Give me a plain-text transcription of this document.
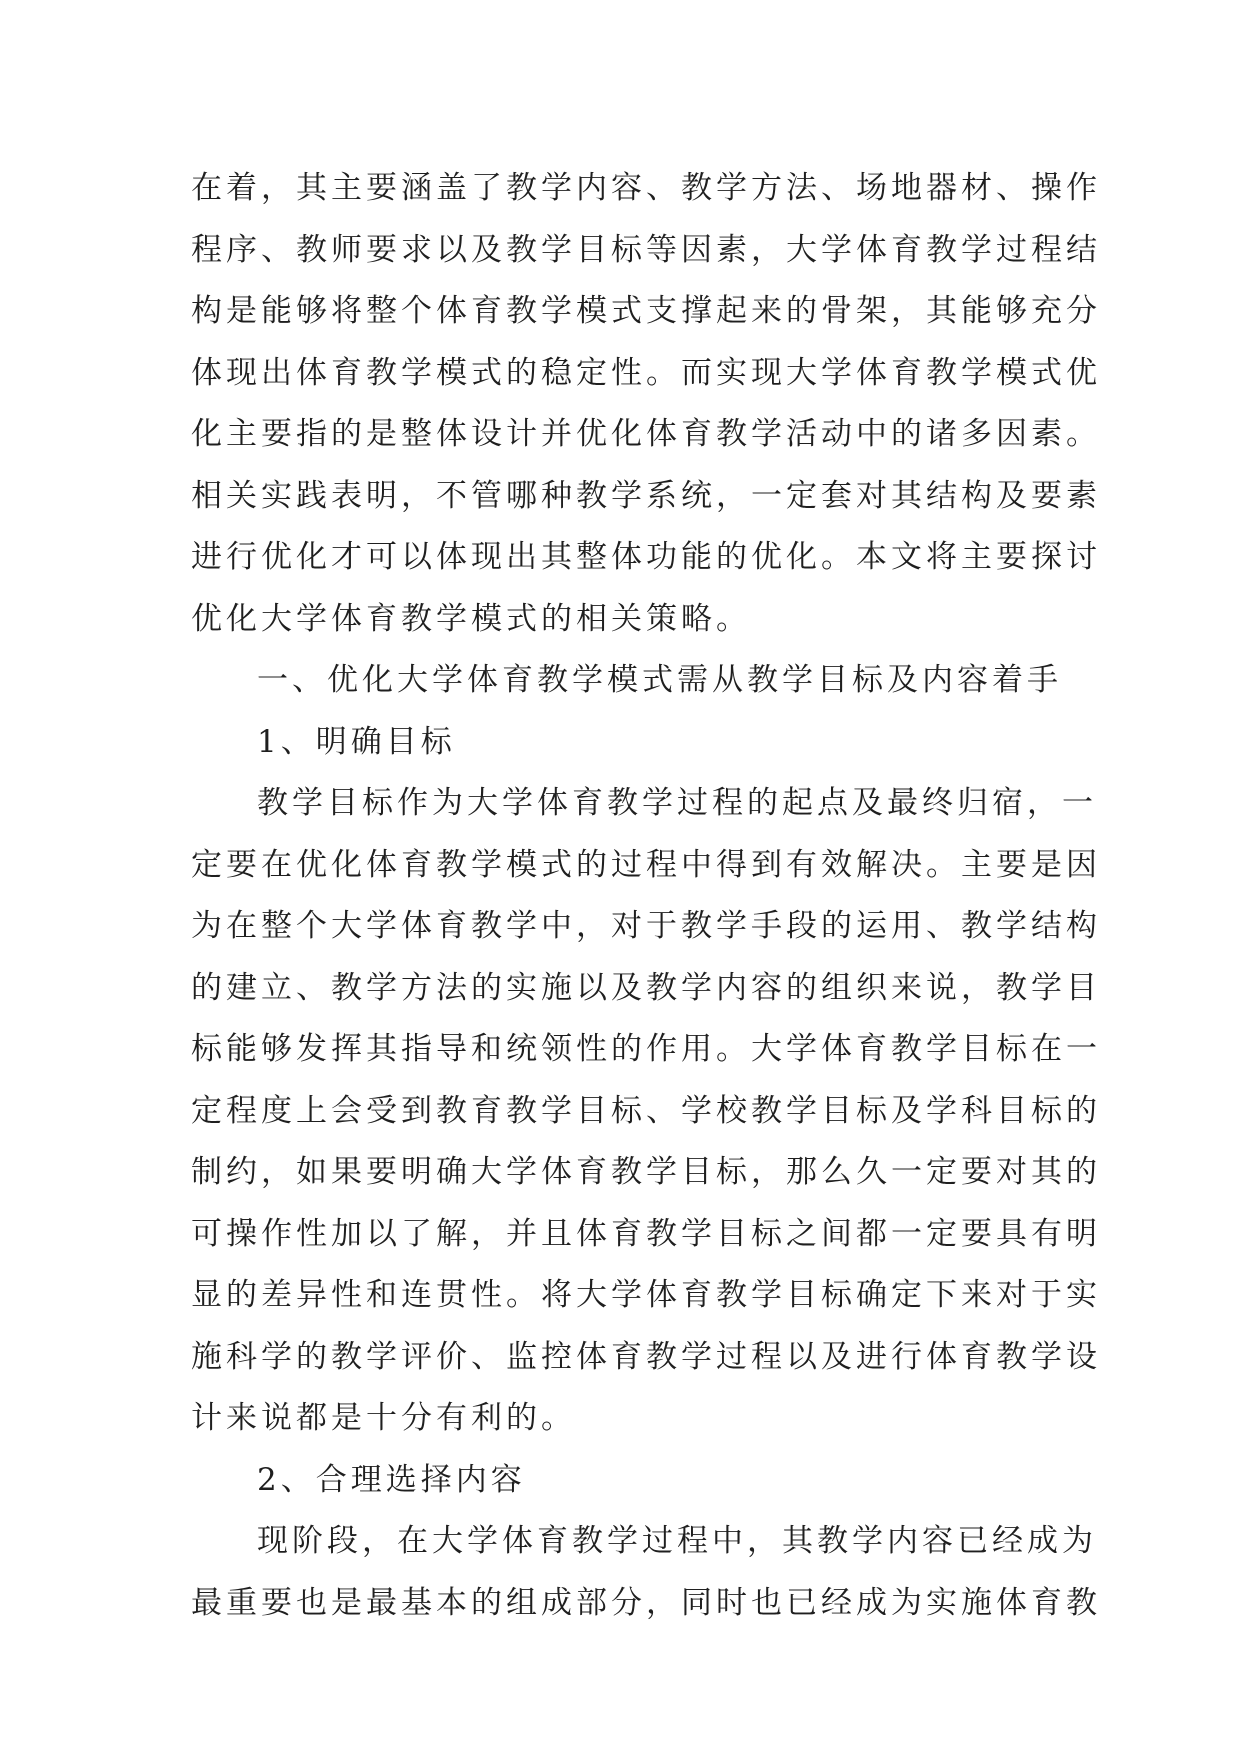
在着，其主要涵盖了教学内容、教学方法、场地器材、操作
程序、教师要求以及教学目标等因素，大学体育教学过程结
构是能够将整个体育教学模式支撑起来的骨架，其能够充分
体现出体育教学模式的稳定性。而实现大学体育教学模式优
化主要指的是整体设计并优化体育教学活动中的诸多因素。
相关实践表明，不管哪种教学系统，一定套对其结构及要素
进行优化才可以体现出其整体功能的优化。本文将主要探讨
优化大学体育教学模式的相关策略。
一、优化大学体育教学模式需从教学目标及内容着手
1、明确目标
教学目标作为大学体育教学过程的起点及最终归宿，一
定要在优化体育教学模式的过程中得到有效解决。主要是因
为在整个大学体育教学中，对于教学手段的运用、教学结构
的建立、教学方法的实施以及教学内容的组织来说，教学目
标能够发挥其指导和统领性的作用。大学体育教学目标在一
定程度上会受到教育教学目标、学校教学目标及学科目标的
制约，如果要明确大学体育教学目标，那么久一定要对其的
可操作性加以了解，并且体育教学目标之间都一定要具有明
显的差异性和连贯性。将大学体育教学目标确定下来对于实
施科学的教学评价、监控体育教学过程以及进行体育教学设
计来说都是十分有利的。
2、合理选择内容
现阶段，在大学体育教学过程中，其教学内容已经成为
最重要也是最基本的组成部分，同时也已经成为实施体育教
